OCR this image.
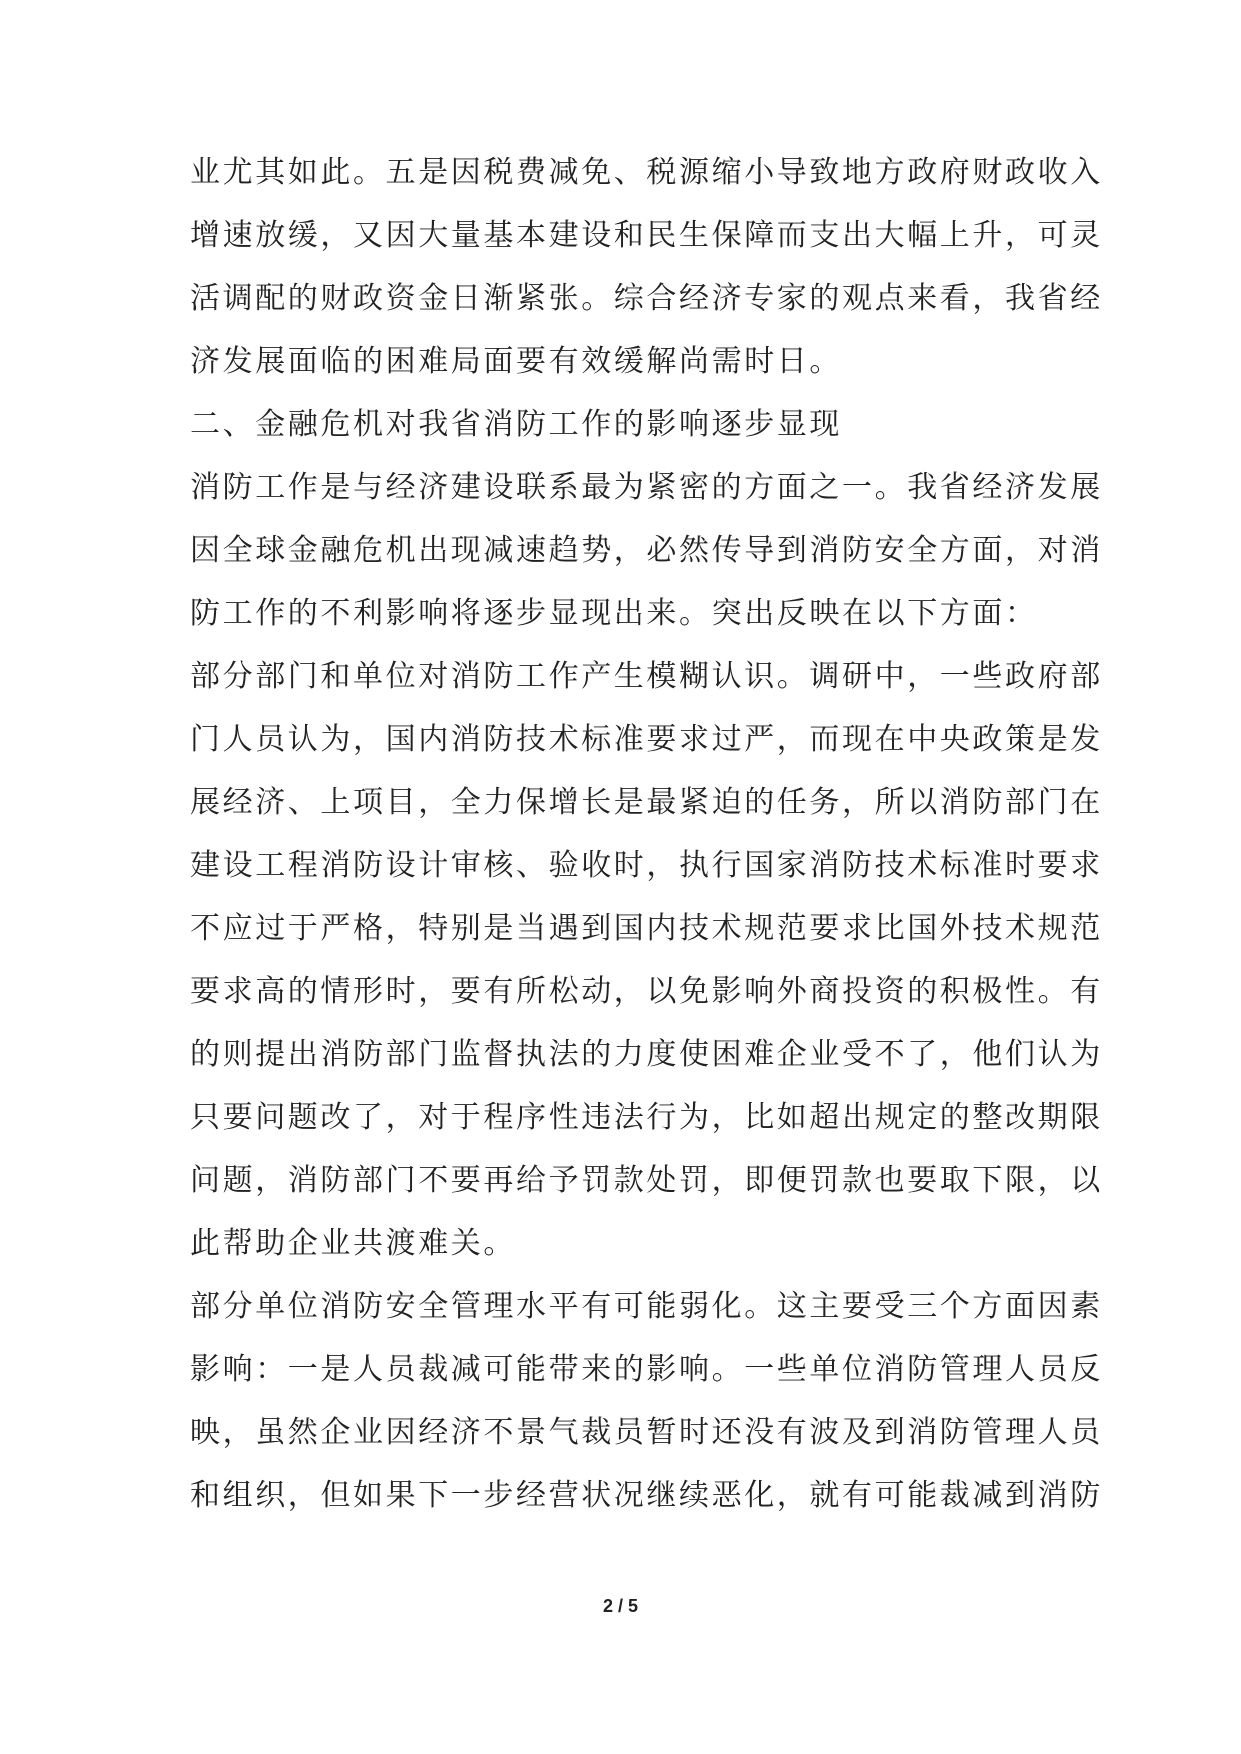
业尤其如此。五是因税费减免、税源缩小导致地方政府财政收入
增速放缓，又因大量基本建设和民生保障而支出大幅上升，可灵
活调配的财政资金日渐紧张。综合经济专家的观点来看，我省经
济发展面临的困难局面要有效缓解尚需时日。
二、金融危机对我省消防工作的影响逐步显现
消防工作是与经济建设联系最为紧密的方面之一。我省经济发展
因全球金融危机出现减速趋势，必然传导到消防安全方面，对消
防工作的不利影响将逐步显现出来。突出反映在以下方面：
部分部门和单位对消防工作产生模糊认识。调研中，一些政府部
门人员认为，国内消防技术标准要求过严，而现在中央政策是发
展经济、上项目，全力保增长是最紧迫的任务，所以消防部门在
建设工程消防设计审核、验收时，执行国家消防技术标准时要求
不应过于严格，特别是当遇到国内技术规范要求比国外技术规范
要求高的情形时，要有所松动，以免影响外商投资的积极性。有
的则提出消防部门监督执法的力度使困难企业受不了，他们认为
只要问题改了，对于程序性违法行为，比如超出规定的整改期限
问题，消防部门不要再给予罚款处罚，即便罚款也要取下限，以
此帮助企业共渡难关。
部分单位消防安全管理水平有可能弱化。这主要受三个方面因素
影响：一是人员裁减可能带来的影响。一些单位消防管理人员反
映，虽然企业因经济不景气裁员暂时还没有波及到消防管理人员
和组织，但如果下一步经营状况继续恶化，就有可能裁减到消防
2 / 5
